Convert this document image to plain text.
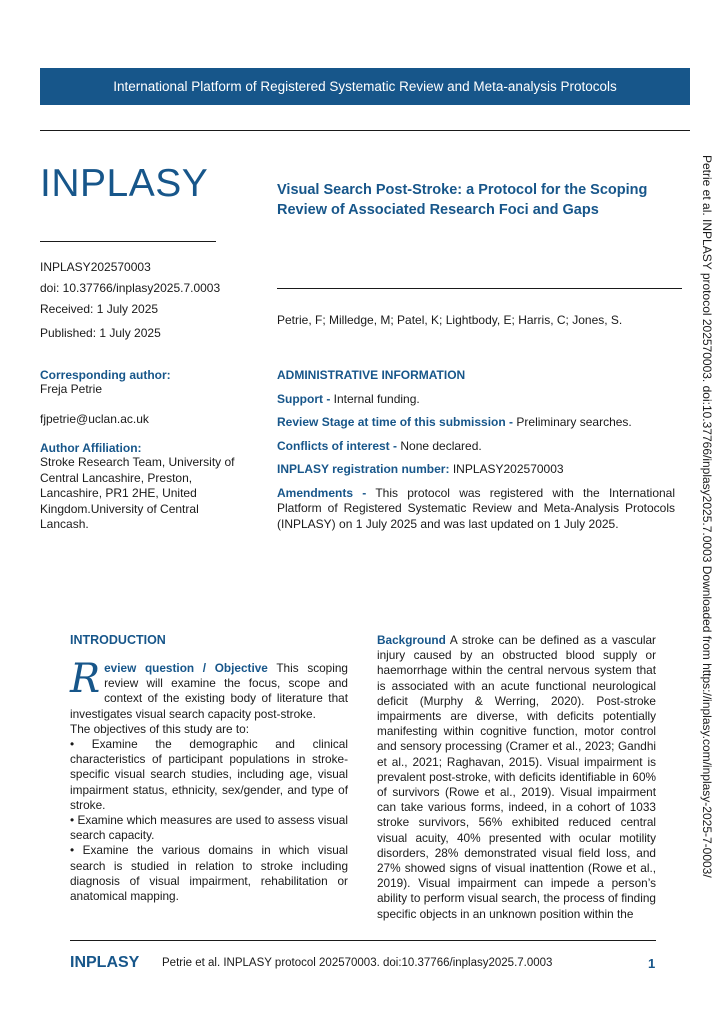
International Platform of Registered Systematic Review and Meta-analysis Protocols
INPLASY
INPLASY202570003
doi: 10.37766/inplasy2025.7.0003
Received: 1 July 2025
Published: 1 July 2025
Visual Search Post-Stroke: a Protocol for the Scoping Review of Associated Research Foci and Gaps
Petrie, F; Milledge, M; Patel, K; Lightbody, E; Harris, C; Jones, S.
Corresponding author:
Freja Petrie
fjpetrie@uclan.ac.uk
Author Affiliation:
Stroke Research Team, University of Central Lancashire, Preston, Lancashire, PR1 2HE, United Kingdom.University of Central Lancash.
ADMINISTRATIVE INFORMATION
Support - Internal funding.
Review Stage at time of this submission - Preliminary searches.
Conflicts of interest - None declared.
INPLASY registration number: INPLASY202570003
Amendments - This protocol was registered with the International Platform of Registered Systematic Review and Meta-Analysis Protocols (INPLASY) on 1 July 2025 and was last updated on 1 July 2025.	Petrie et al. INPLASY protocol 202570003. doi:10.37766/inplasy2025.7.0003 Downloaded from https://inplasy.com/inplasy-2025-7-0003/
INTRODUCTION
Review question / Objective This scoping review will examine the focus, scope and context of the existing body of literature that investigates visual search capacity post-stroke.
The objectives of this study are to:
• Examine the demographic and clinical characteristics of participant populations in stroke-specific visual search studies, including age, visual impairment status, ethnicity, sex/gender, and type of stroke.
• Examine which measures are used to assess visual search capacity.
• Examine the various domains in which visual search is studied in relation to stroke including diagnosis of visual impairment, rehabilitation or anatomical mapping.
Background A stroke can be defined as a vascular injury caused by an obstructed blood supply or haemorrhage within the central nervous system that is associated with an acute functional neurological deficit (Murphy & Werring, 2020). Post-stroke impairments are diverse, with deficits potentially manifesting within cognitive function, motor control and sensory processing (Cramer et al., 2023; Gandhi et al., 2021; Raghavan, 2015). Visual impairment is prevalent post-stroke, with deficits identifiable in 60% of survivors (Rowe et al., 2019). Visual impairment can take various forms, indeed, in a cohort of 1033 stroke survivors, 56% exhibited reduced central visual acuity, 40% presented with ocular motility disorders, 28% demonstrated visual field loss, and 27% showed signs of visual inattention (Rowe et al., 2019). Visual impairment can impede a person’s ability to perform visual search, the process of finding specific objects in an unknown position within the
INPLASY Petrie et al. INPLASY protocol 202570003. doi:10.37766/inplasy2025.7.0003	1
